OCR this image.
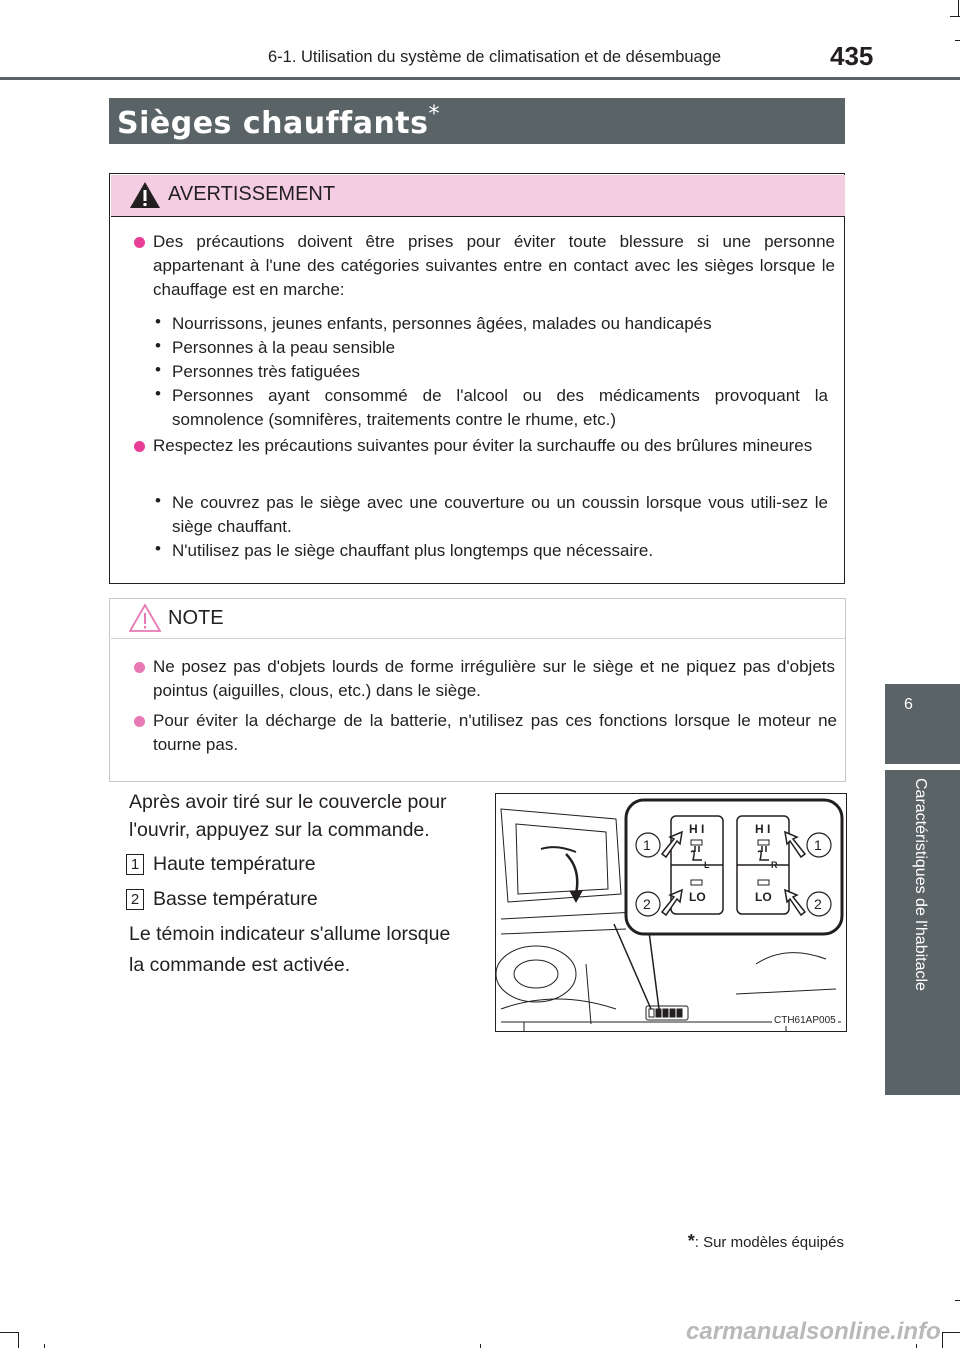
6-1. Utilisation du système de climatisation et de désembuage	435
Sièges chauffants*
AVERTISSEMENT
Des précautions doivent être prises pour éviter toute blessure si une personne appartenant à l'une des catégories suivantes entre en contact avec les sièges lorsque le chauffage est en marche:
• Nourrissons, jeunes enfants, personnes âgées, malades ou handicapés
• Personnes à la peau sensible
• Personnes très fatiguées
• Personnes ayant consommé de l'alcool ou des médicaments provoquant la somnolence (somnifères, traitements contre le rhume, etc.)
Respectez les précautions suivantes pour éviter la surchauffe ou des brûlures mineures
• Ne couvrez pas le siège avec une couverture ou un coussin lorsque vous utili-sez le siège chauffant.
• N'utilisez pas le siège chauffant plus longtemps que nécessaire.
NOTE
Ne posez pas d'objets lourds de forme irrégulière sur le siège et ne piquez pas d'objets pointus (aiguilles, clous, etc.) dans le siège.
Pour éviter la décharge de la batterie, n'utilisez pas ces fonctions lorsque le moteur ne tourne pas.
Après avoir tiré sur le couvercle pour
l'ouvrir, appuyez sur la commande.
1 Haute température
2 Basse température
Le témoin indicateur s'allume lorsque
la commande est activée.
H I
LO
L
H I
LO
R
1
2
1
2
CTH61AP005
6
Caractéristiques de l'habitacle
*: Sur modèles équipés
carmanualsonline.info
